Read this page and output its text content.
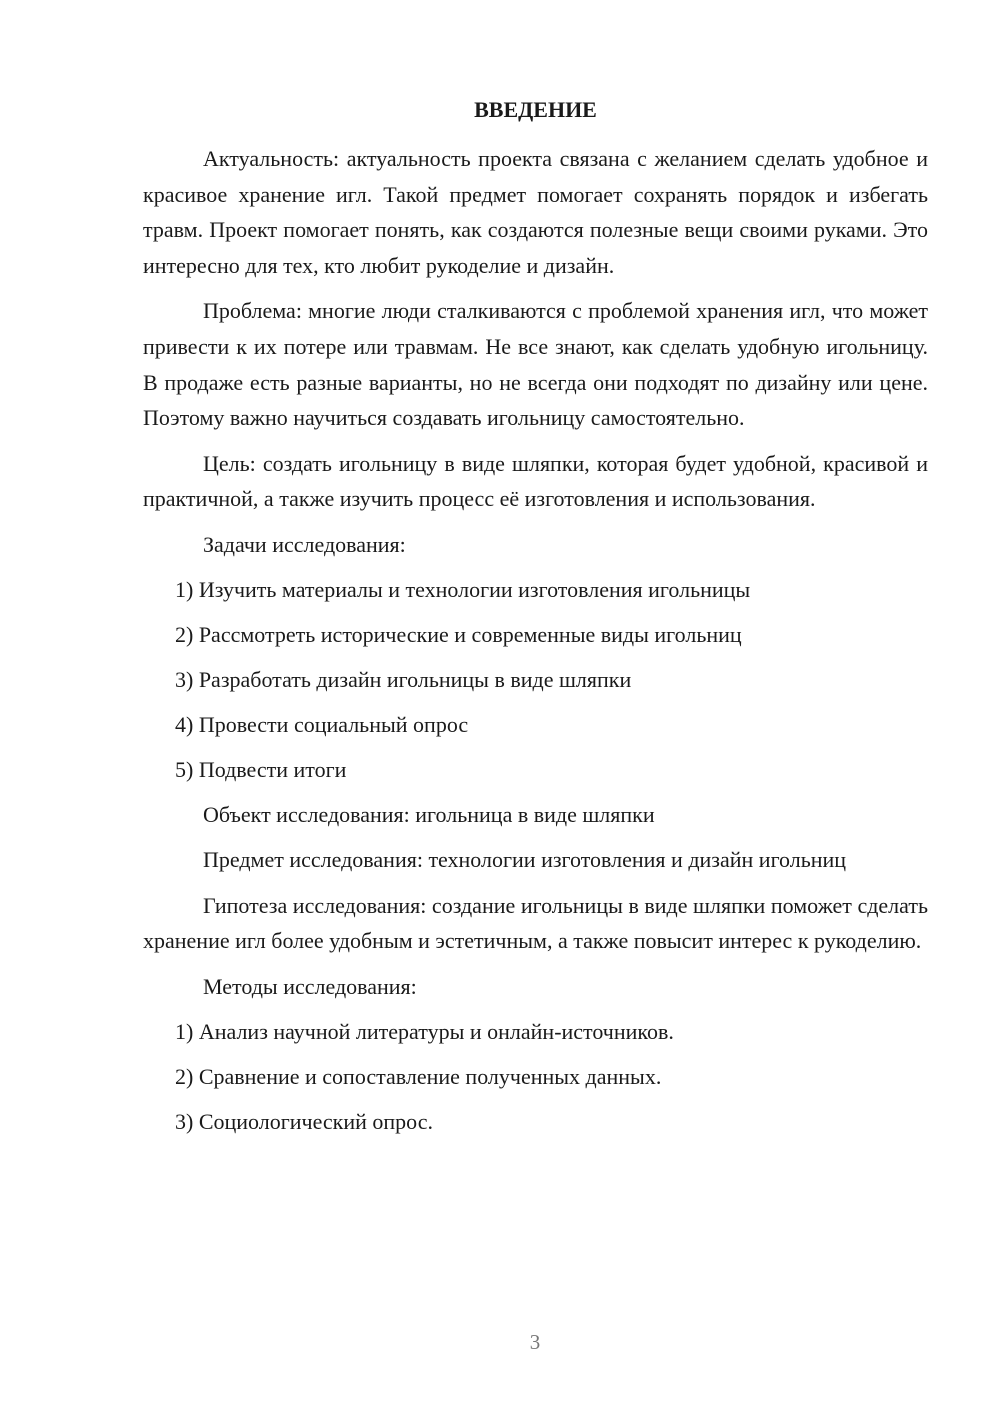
ВВЕДЕНИЕ

Актуальность: актуальность проекта связана с желанием сделать удобное и красивое хранение игл. Такой предмет помогает сохранять порядок и избегать травм. Проект помогает понять, как создаются полезные вещи своими руками. Это интересно для тех, кто любит рукоделие и дизайн.

Проблема: многие люди сталкиваются с проблемой хранения игл, что может привести к их потере или травмам. Не все знают, как сделать удобную игольницу. В продаже есть разные варианты, но не всегда они подходят по дизайну или цене. Поэтому важно научиться создавать игольницу самостоятельно.

Цель: создать игольницу в виде шляпки, которая будет удобной, красивой и практичной, а также изучить процесс её изготовления и использования.

Задачи исследования:
1) Изучить материалы и технологии изготовления игольницы
2) Рассмотреть исторические и современные виды игольниц
3) Разработать дизайн игольницы в виде шляпки
4) Провести социальный опрос
5) Подвести итоги
Объект исследования: игольница в виде шляпки

Предмет исследования: технологии изготовления и дизайн игольниц

Гипотеза исследования: создание игольницы в виде шляпки поможет сделать хранение игл более удобным и эстетичным, а также повысит интерес к рукоделию.

Методы исследования:
1) Анализ научной литературы и онлайн-источников.
2) Сравнение и сопоставление полученных данных.
3) Социологический опрос.
3
